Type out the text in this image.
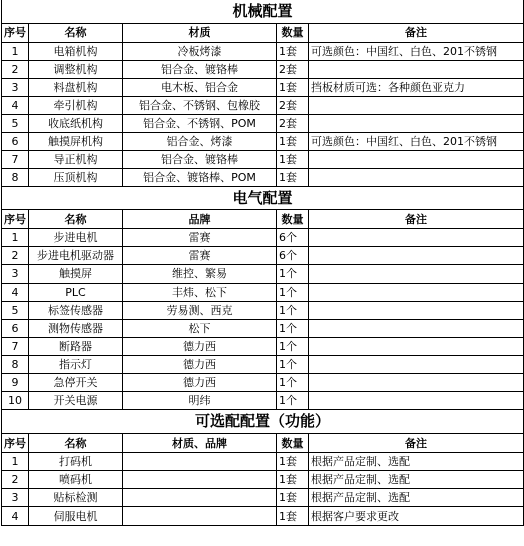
机械配置				
序号	名称	材质	数量	备注
1	电箱机构	冷板烤漆	1套	可选颜色：中国红、白色、201不锈钢
2	调整机构	铝合金、镀铬棒	2套	
3	料盘机构	电木板、铝合金	1套	挡板材质可选：各种颜色亚克力
4	牵引机构	铝合金、不锈钢、包橡胶	2套	
5	收底纸机构	铝合金、不锈钢、POM	2套	
6	触摸屏机构	铝合金、烤漆	1套	可选颜色：中国红、白色、201不锈钢
7	导正机构	铝合金、镀铬棒	1套	
8	压顶机构	铝合金、镀铬棒、POM	1套	
电气配置				
序号	名称	品牌	数量	备注
1	步进电机	雷赛	6个	
2	步进电机驱动器	雷赛	6个	
3	触摸屏	维控、繁易	1个	
4	PLC	丰炜、松下	1个	
5	标签传感器	劳易测、西克	1个	
6	测物传感器	松下	1个	
7	断路器	德力西	1个	
8	指示灯	德力西	1个	
9	急停开关	德力西	1个	
10	开关电源	明纬	1个	
可选配配置（功能）				
序号	名称	材质、品牌	数量	备注
1	打码机		1套	根据产品定制、选配
2	喷码机		1套	根据产品定制、选配
3	贴标检测		1套	根据产品定制、选配
4	伺服电机		1套	根据客户要求更改
